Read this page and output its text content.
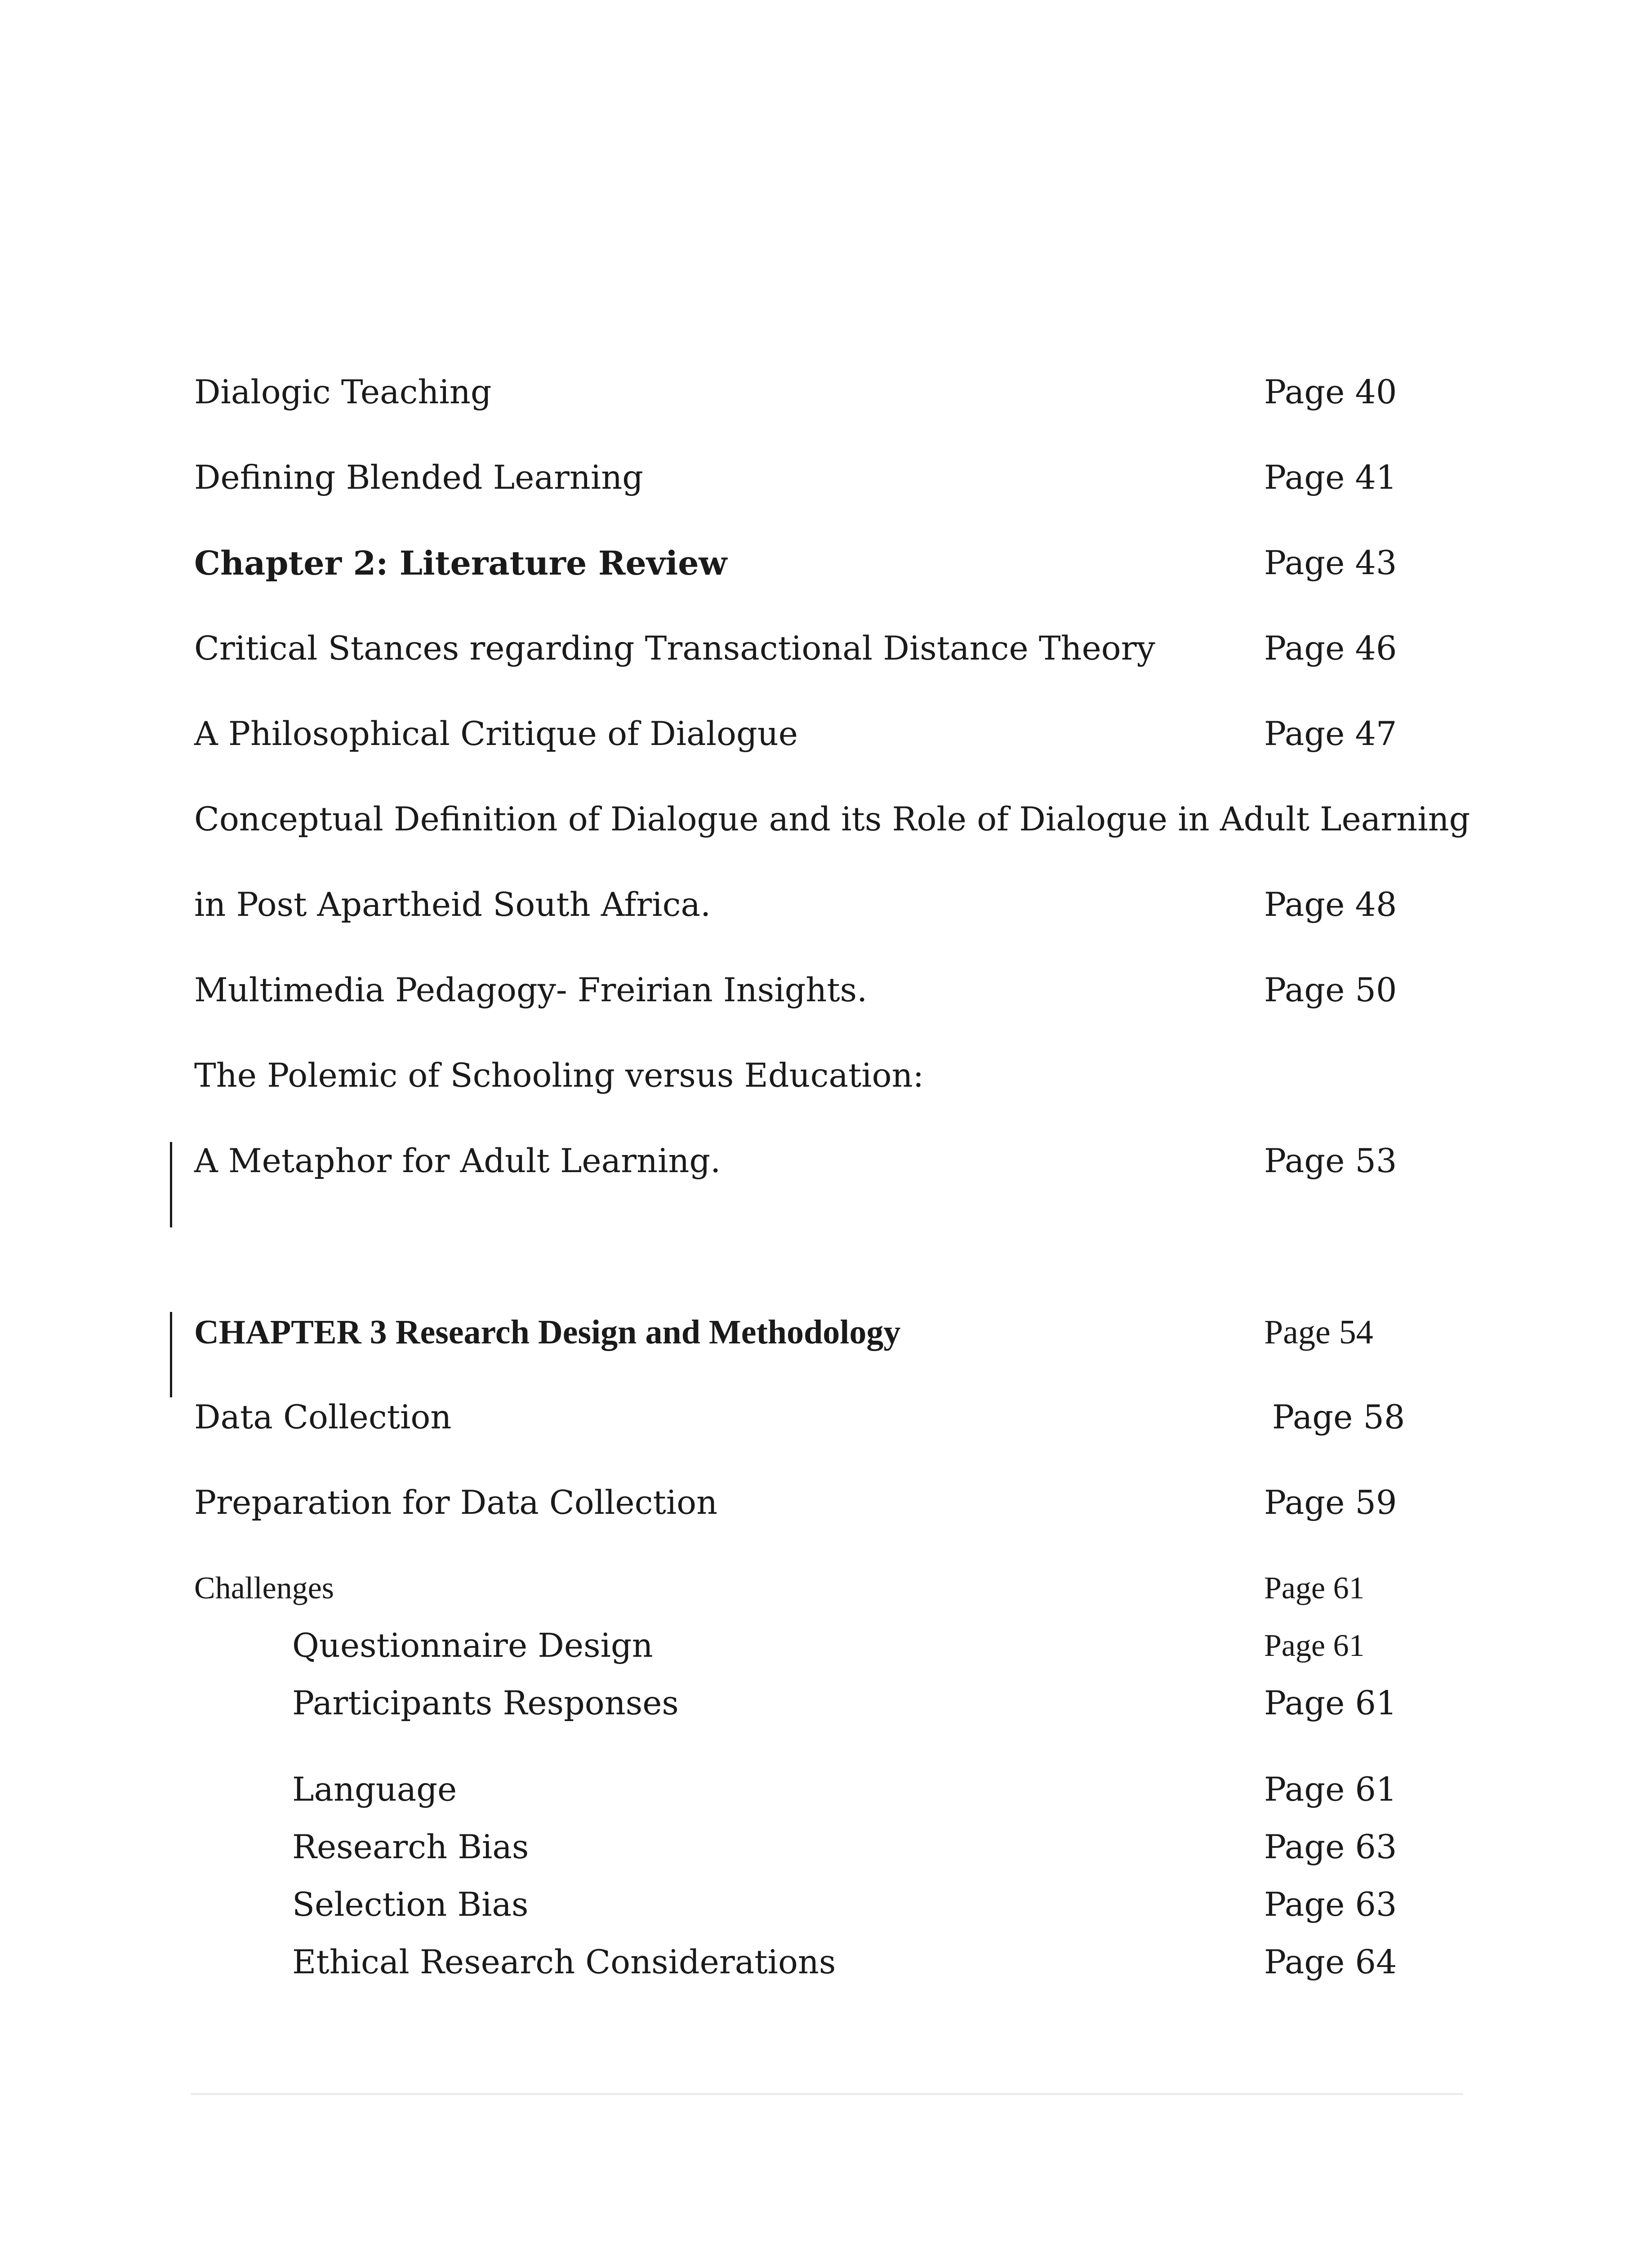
Dialogic Teaching	Page 40
Defining Blended Learning	Page 41
Chapter 2: Literature Review	Page 43
Critical Stances regarding Transactional Distance Theory	Page 46
A Philosophical Critique of Dialogue	Page 47
Conceptual Definition of Dialogue and its Role of Dialogue in Adult Learning
in Post Apartheid South Africa.	Page 48
Multimedia Pedagogy- Freirian Insights.	Page 50
The Polemic of Schooling versus Education:
A Metaphor for Adult Learning.	Page 53
CHAPTER 3 Research Design and Methodology	Page 54
Data Collection	Page 58
Preparation for Data Collection	Page 59
Challenges	Page 61
Questionnaire Design	Page 61
Participants Responses	Page 61
Language	Page 61
Research Bias	Page 63
Selection Bias	Page 63
Ethical Research Considerations	Page 64
